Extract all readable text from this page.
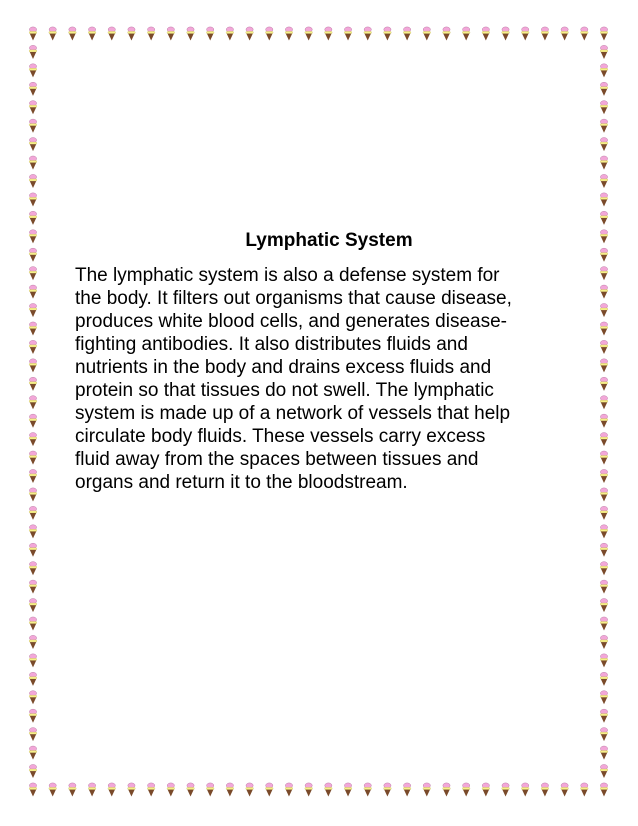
Lymphatic System

The lymphatic system is also a defense system for
the body. It filters out organisms that cause disease,
produces white blood cells, and generates disease-
fighting antibodies. It also distributes fluids and
nutrients in the body and drains excess fluids and
protein so that tissues do not swell. The lymphatic
system is made up of a network of vessels that help
circulate body fluids. These vessels carry excess
fluid away from the spaces between tissues and
organs and return it to the bloodstream.
